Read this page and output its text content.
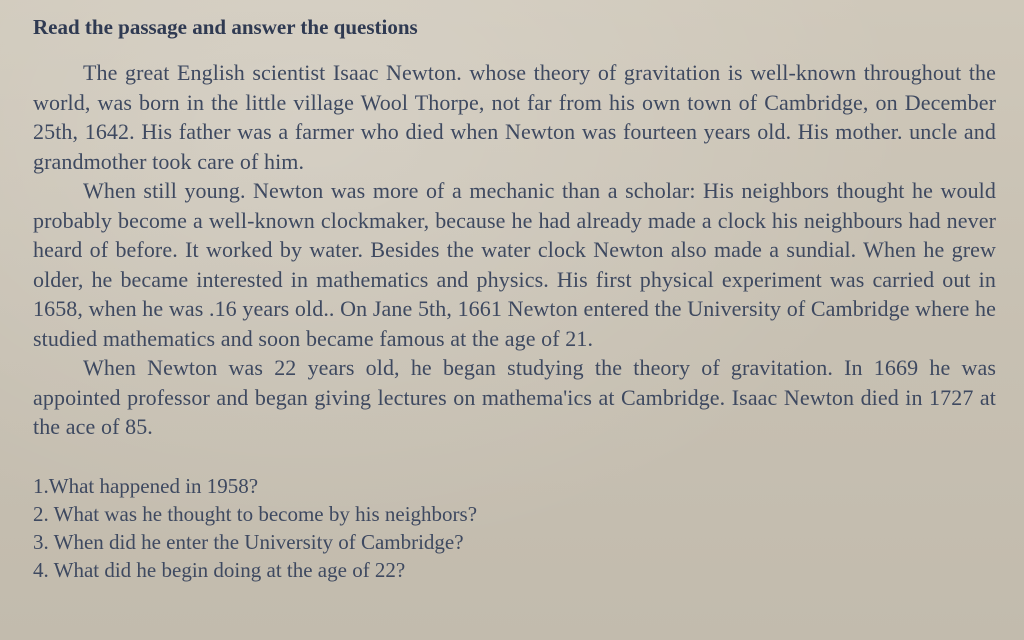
Read the passage and answer the questions

The great English scientist Isaac Newton. whose theory of gravitation is well-known throughout the world, was born in the little village Wool Thorpe, not far from his own town of Cambridge, on December 25th, 1642. His father was a farmer who died when Newton was fourteen years old. His mother. uncle and grandmother took care of him.

When still young. Newton was more of a mechanic than a scholar: His neighbors thought he would probably become a well-known clockmaker, because he had already made a clock his neighbours had never heard of before. It worked by water. Besides the water clock Newton also made a sundial. When he grew older, he became interested in mathematics and physics. His first physical experiment was carried out in 1658, when he was .16 years old.. On Jane 5th, 1661 Newton entered the University of Cambridge where he studied mathematics and soon became famous at the age of 21.

When Newton was 22 years old, he began studying the theory of gravitation. In 1669 he was appointed professor and began giving lectures on mathema'ics at Cambridge. Isaac Newton died in 1727 at the ace of 85.

1.What happened in 1958?
2. What was he thought to become by his neighbors?
3. When did he enter the University of Cambridge?
4. What did he begin doing at the age of 22?
